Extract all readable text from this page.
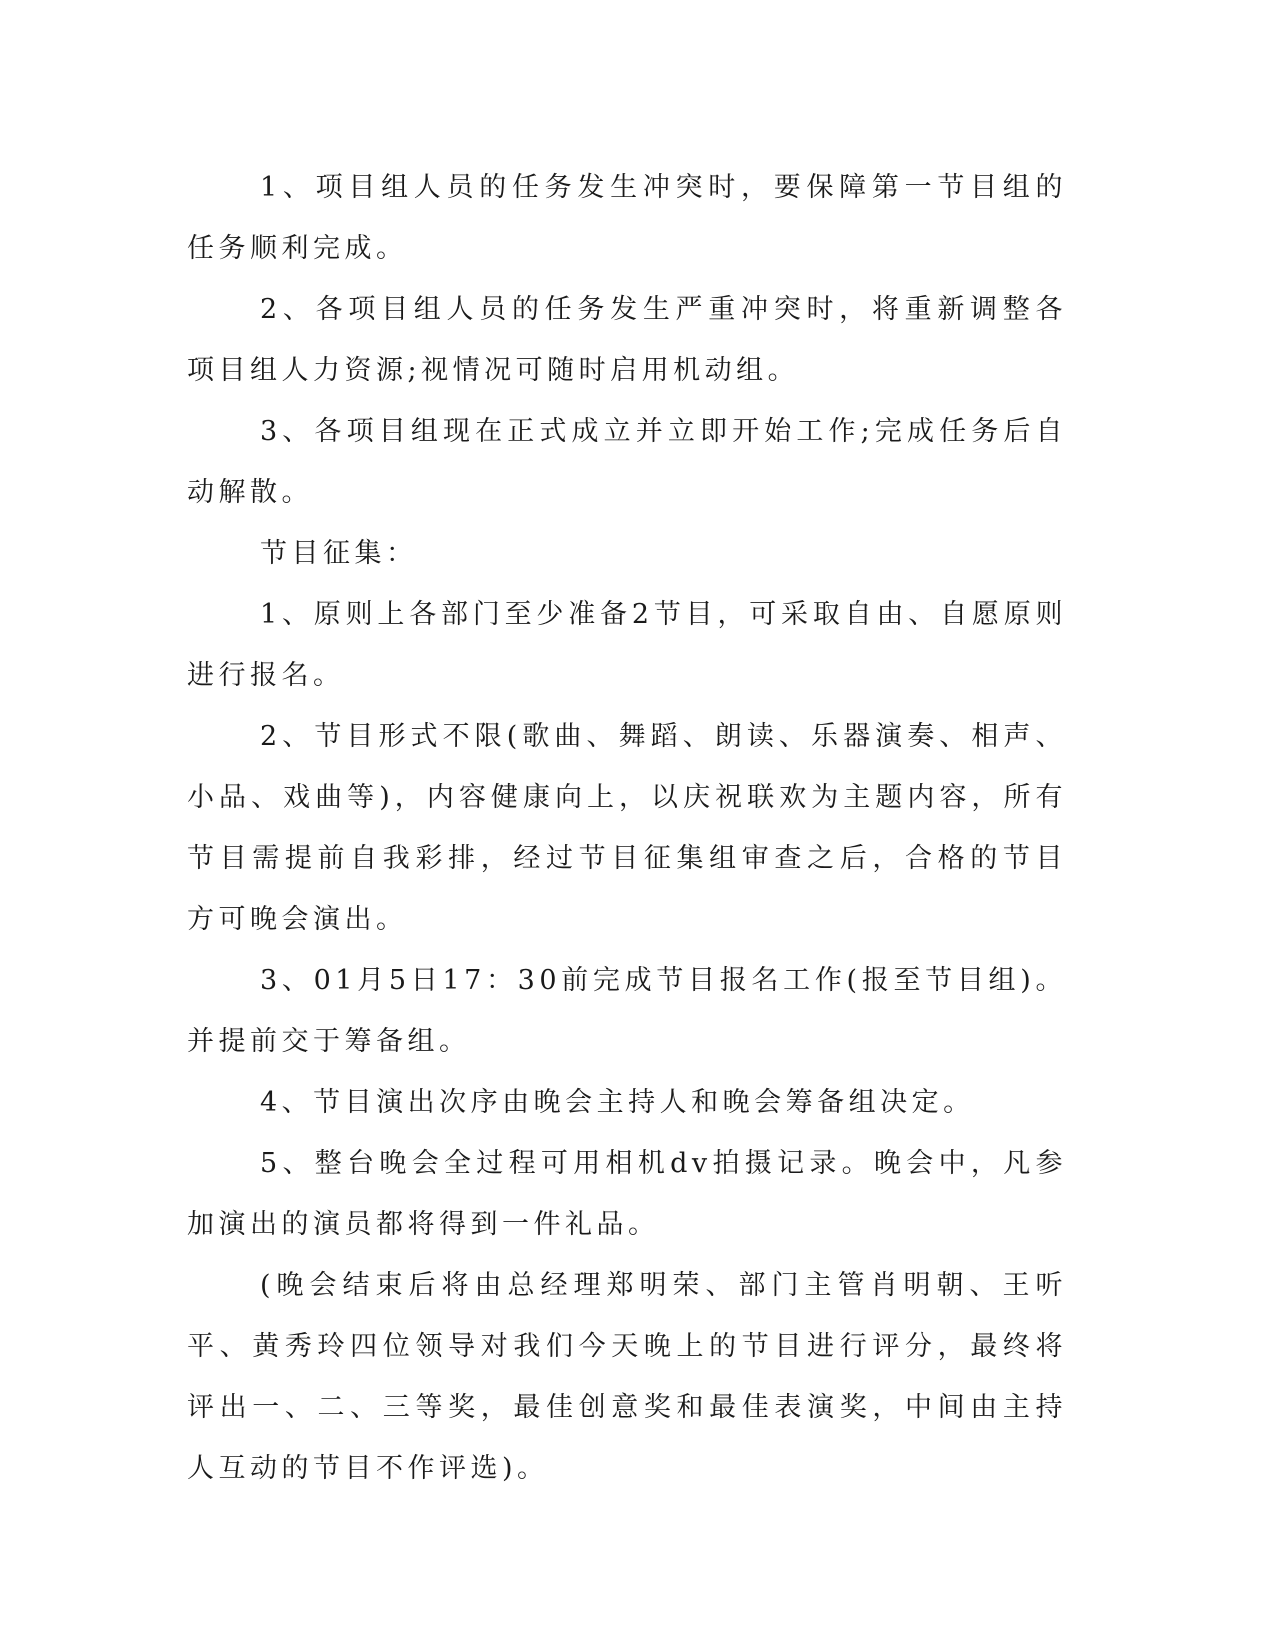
1、项目组人员的任务发生冲突时，要保障第一节目组的任务顺利完成。

2、各项目组人员的任务发生严重冲突时，将重新调整各项目组人力资源;视情况可随时启用机动组。

3、各项目组现在正式成立并立即开始工作;完成任务后自动解散。

节目征集：

1、原则上各部门至少准备2节目，可采取自由、自愿原则进行报名。

2、节目形式不限(歌曲、舞蹈、朗读、乐器演奏、相声、小品、戏曲等)，内容健康向上，以庆祝联欢为主题内容，所有节目需提前自我彩排，经过节目征集组审查之后，合格的节目方可晚会演出。

3、01月5日17：30前完成节目报名工作(报至节目组)。并提前交于筹备组。

4、节目演出次序由晚会主持人和晚会筹备组决定。

5、整台晚会全过程可用相机dv拍摄记录。晚会中，凡参加演出的演员都将得到一件礼品。

(晚会结束后将由总经理郑明荣、部门主管肖明朝、王听平、黄秀玲四位领导对我们今天晚上的节目进行评分，最终将评出一、二、三等奖，最佳创意奖和最佳表演奖，中间由主持人互动的节目不作评选)。
